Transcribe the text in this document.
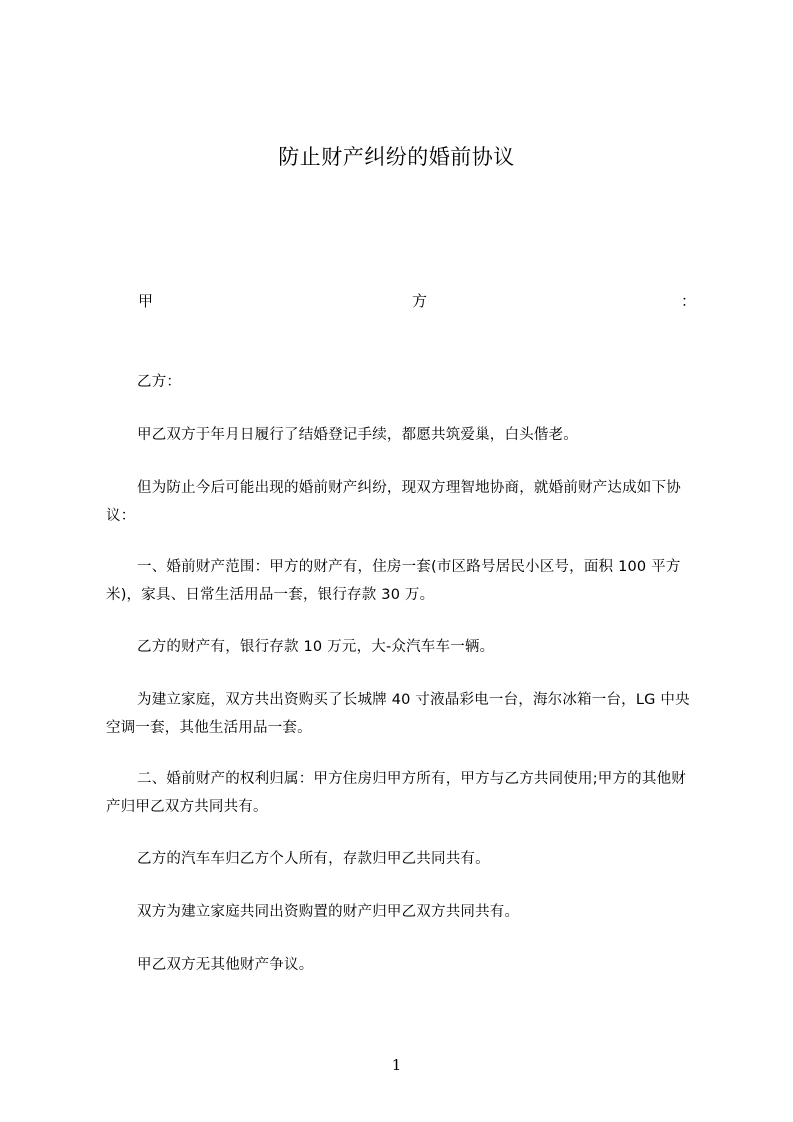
防止财产纠纷的婚前协议
甲	方	：

乙方：

甲乙双方于年月日履行了结婚登记手续，都愿共筑爱巢，白头偕老。

但为防止今后可能出现的婚前财产纠纷，现双方理智地协商，就婚前财产达成如下协议：

一、婚前财产范围：甲方的财产有，住房一套(市区路号居民小区号，面积 100 平方米)，家具、日常生活用品一套，银行存款 30 万。

乙方的财产有，银行存款 10 万元，大-众汽车车一辆。

为建立家庭，双方共出资购买了长城牌 40 寸液晶彩电一台，海尔冰箱一台，LG 中央空调一套，其他生活用品一套。

二、婚前财产的权利归属：甲方住房归甲方所有，甲方与乙方共同使用;甲方的其他财产归甲乙双方共同共有。

乙方的汽车车归乙方个人所有，存款归甲乙共同共有。

双方为建立家庭共同出资购置的财产归甲乙双方共同共有。

甲乙双方无其他财产争议。

1
